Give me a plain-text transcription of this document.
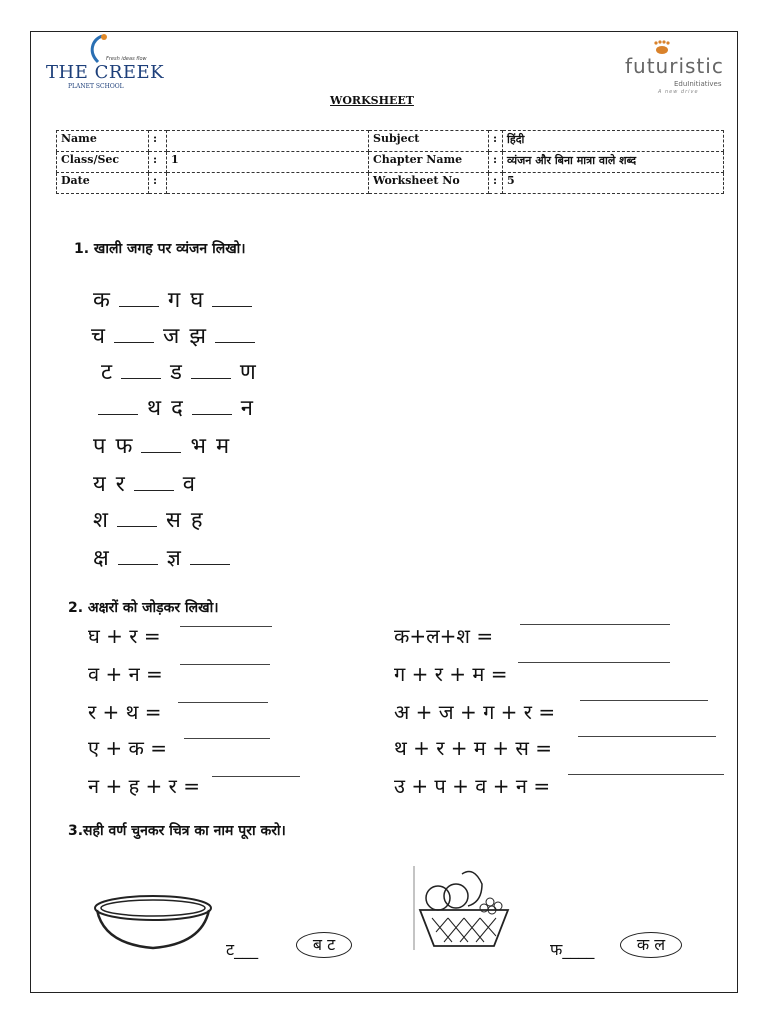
Fresh ideas flow
THE CREEK
PLANET SCHOOL
futuristic
EduInitiatives
A new drive
WORKSHEET
Name	:		Subject	:	हिंदी
Class/Sec	:	1	Chapter Name	:	व्यंजन और बिना मात्रा वाले शब्द
Date	:		Worksheet No	:	5
1. खाली जगह पर व्यंजन लिखो।
क	ग घ
च	ज झ
ट	ड	ण
थ द	न
प फ	भ म
य र	व
श	स ह
क्ष	ज्ञ
2. अक्षरों को जोड़कर लिखो।
घ + र =
व + न =
र + थ =
ए + क =
न + ह + र =
क+ल+श =
ग + र + म =
अ + ज + ग + र =
थ + र + म + स =
उ + प + व + न =
3.सही वर्ण चुनकर चित्र का नाम पूरा करो।
ट___	ब ट	फ____	क ल
